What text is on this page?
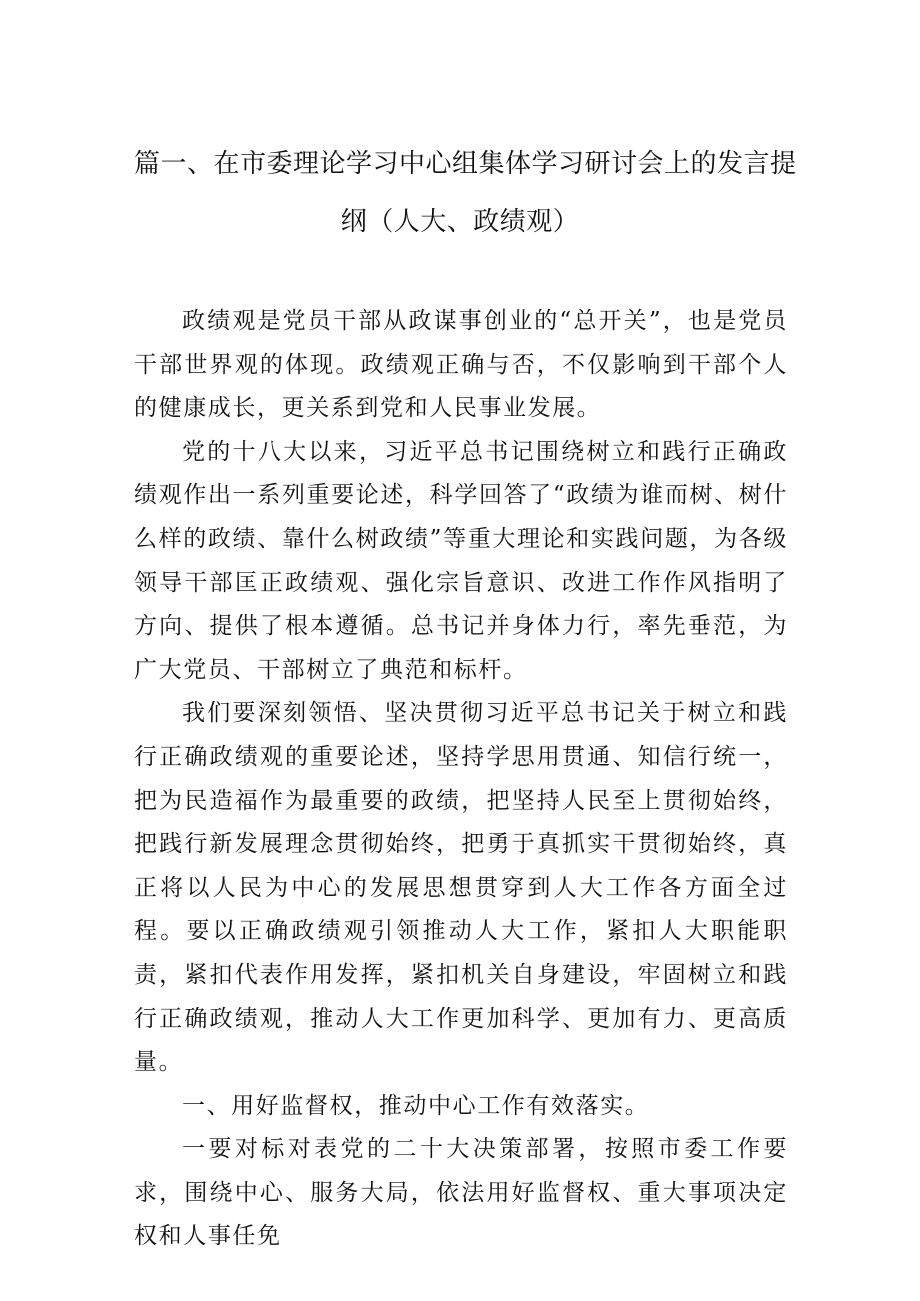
篇一、在市委理论学习中心组集体学习研讨会上的发言提
纲（人大、政绩观）

政绩观是党员干部从政谋事创业的“总开关”，也是党员干部世界观的体现。政绩观正确与否，不仅影响到干部个人的健康成长，更关系到党和人民事业发展。

党的十八大以来，习近平总书记围绕树立和践行正确政绩观作出一系列重要论述，科学回答了“政绩为谁而树、树什么样的政绩、靠什么树政绩”等重大理论和实践问题，为各级领导干部匡正政绩观、强化宗旨意识、改进工作作风指明了方向、提供了根本遵循。总书记并身体力行，率先垂范，为广大党员、干部树立了典范和标杆。

我们要深刻领悟、坚决贯彻习近平总书记关于树立和践行正确政绩观的重要论述，坚持学思用贯通、知信行统一，把为民造福作为最重要的政绩，把坚持人民至上贯彻始终，把践行新发展理念贯彻始终，把勇于真抓实干贯彻始终，真正将以人民为中心的发展思想贯穿到人大工作各方面全过程。要以正确政绩观引领推动人大工作，紧扣人大职能职责，紧扣代表作用发挥，紧扣机关自身建设，牢固树立和践行正确政绩观，推动人大工作更加科学、更加有力、更高质量。

一、用好监督权，推动中心工作有效落实。

一要对标对表党的二十大决策部署，按照市委工作要求，围绕中心、服务大局，依法用好监督权、重大事项决定权和人事任免
